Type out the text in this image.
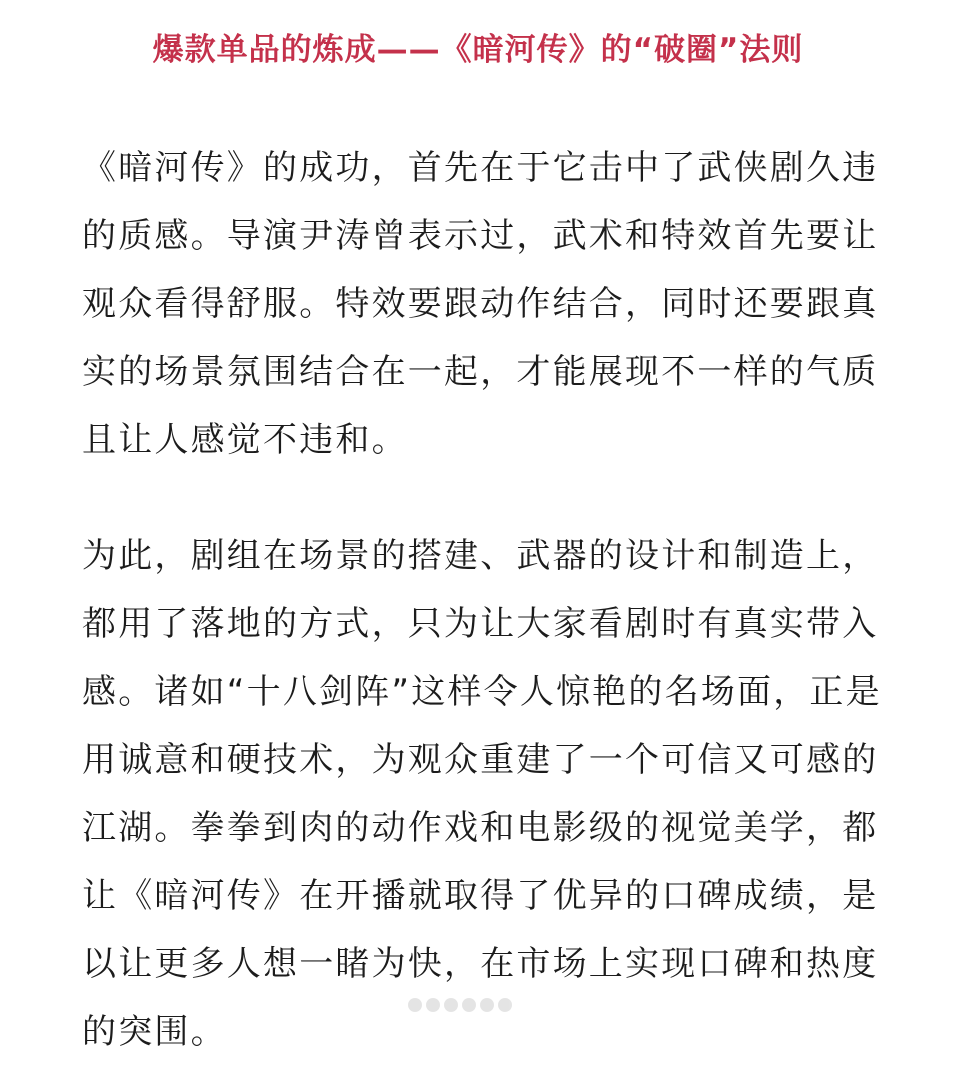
爆款单品的炼成——《暗河传》的“破圈”法则
《暗河传》的成功，首先在于它击中了武侠剧久违
的质感。导演尹涛曾表示过，武术和特效首先要让
观众看得舒服。特效要跟动作结合，同时还要跟真
实的场景氛围结合在一起，才能展现不一样的气质
且让人感觉不违和。
为此，剧组在场景的搭建、武器的设计和制造上，
都用了落地的方式，只为让大家看剧时有真实带入
感。诸如“十八剑阵”这样令人惊艳的名场面，正是
用诚意和硬技术，为观众重建了一个可信又可感的
江湖。拳拳到肉的动作戏和电影级的视觉美学，都
让《暗河传》在开播就取得了优异的口碑成绩，是
以让更多人想一睹为快，在市场上实现口碑和热度
的突围。
